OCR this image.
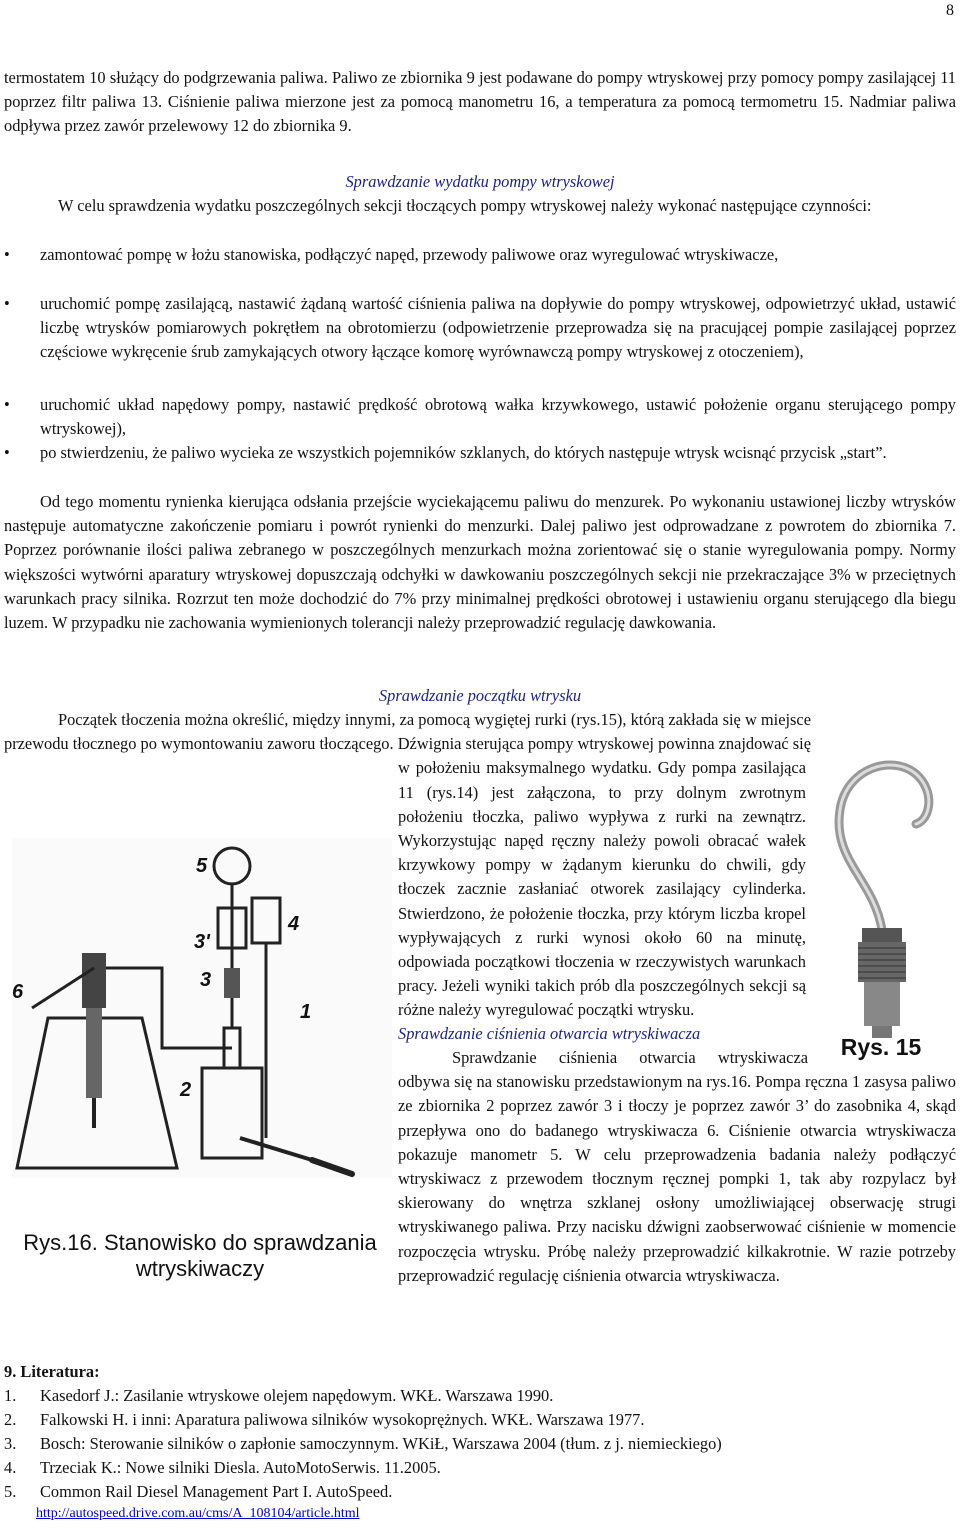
8
termostatem 10 służący do podgrzewania paliwa. Paliwo ze zbiornika 9 jest podawane do pompy wtryskowej przy pomocy pompy zasilającej 11 poprzez filtr paliwa 13. Ciśnienie paliwa mierzone jest za pomocą manometru 16, a temperatura za pomocą termometru 15. Nadmiar paliwa odpływa przez zawór przelewowy 12 do zbiornika 9.
Sprawdzanie wydatku pompy wtryskowej
W celu sprawdzenia wydatku poszczególnych sekcji tłoczących pompy wtryskowej należy wykonać następujące czynności:
• zamontować pompę w łożu stanowiska, podłączyć napęd, przewody paliwowe oraz wyregulować wtryskiwacze,
• uruchomić pompę zasilającą, nastawić żądaną wartość ciśnienia paliwa na dopływie do pompy wtryskowej, odpowietrzyć układ, ustawić liczbę wtrysków pomiarowych pokrętłem na obrotomierzu (odpowietrzenie przeprowadza się na pracującej pompie zasilającej poprzez częściowe wykręcenie śrub zamykających otwory łączące komorę wyrównawczą pompy wtryskowej z otoczeniem),
• uruchomić układ napędowy pompy, nastawić prędkość obrotową wałka krzywkowego, ustawić położenie organu sterującego pompy wtryskowej),
• po stwierdzeniu, że paliwo wycieka ze wszystkich pojemników szklanych, do których następuje wtrysk wcisnąć przycisk „start”.
Od tego momentu rynienka kierująca odsłania przejście wyciekającemu paliwu do menzurek. Po wykonaniu ustawionej liczby wtrysków następuje automatyczne zakończenie pomiaru i powrót rynienki do menzurki. Dalej paliwo jest odprowadzane z powrotem do zbiornika 7. Poprzez porównanie ilości paliwa zebranego w poszczególnych menzurkach można zorientować się o stanie wyregulowania pompy. Normy większości wytwórni aparatury wtryskowej dopuszczają odchyłki w dawkowaniu poszczególnych sekcji nie przekraczające 3% w przeciętnych warunkach pracy silnika. Rozrzut ten może dochodzić do 7% przy minimalnej prędkości obrotowej i ustawieniu organu sterującego dla biegu luzem. W przypadku nie zachowania wymienionych tolerancji należy przeprowadzić regulację dawkowania.
Sprawdzanie początku wtrysku
Początek tłoczenia można określić, między innymi, za pomocą wygiętej rurki (rys.15), którą zakłada się w miejsce przewodu tłocznego po wymontowaniu zaworu tłoczącego. Dźwignia sterująca pompy wtryskowej powinna znajdować się w położeniu maksymalnego wydatku. Gdy pompa zasilająca 11 (rys.14) jest załączona, to przy dolnym zwrotnym położeniu tłoczka, paliwo wypływa z rurki na zewnątrz. Wykorzystując napęd ręczny należy powoli obracać wałek krzywkowy pompy w żądanym kierunku do chwili, gdy tłoczek zacznie zasłaniać otworek zasilający cylinderka. Stwierdzono, że położenie tłoczka, przy którym liczba kropel wypływających z rurki wynosi około 60 na minutę, odpowiada początkowi tłoczenia w rzeczywistych warunkach pracy. Jeżeli wyniki takich prób dla poszczególnych sekcji są różne należy wyregulować początki wtrysku.
Sprawdzanie ciśnienia otwarcia wtryskiwacza
Sprawdzanie ciśnienia otwarcia wtryskiwacza odbywa się na stanowisku przedstawionym na rys.16. Pompa ręczna 1 zasysa paliwo ze zbiornika 2 poprzez zawór 3 i tłoczy je poprzez zawór 3’ do zasobnika 4, skąd przepływa ono do badanego wtryskiwacza 6. Ciśnienie otwarcia wtryskiwacza pokazuje manometr 5. W celu przeprowadzenia badania należy podłączyć wtryskiwacz z przewodem tłocznym ręcznej pompki 1, tak aby rozpylacz był skierowany do wnętrza szklanej osłony umożliwiającej obserwację strugi wtryskiwanego paliwa. Przy nacisku dźwigni zaobserwować ciśnienie w momencie rozpoczęcia wtrysku. Próbę należy przeprowadzić kilkakrotnie. W razie potrzeby przeprowadzić regulację ciśnienia otwarcia wtryskiwacza.
Rys. 15
6
5
3'
3
4
1
2
Rys.16. Stanowisko do sprawdzania
wtryskiwaczy
9. Literatura:
1. Kasedorf J.: Zasilanie wtryskowe olejem napędowym. WKŁ. Warszawa 1990.
2. Falkowski H. i inni: Aparatura paliwowa silników wysokoprężnych. WKŁ. Warszawa 1977.
3. Bosch: Sterowanie silników o zapłonie samoczynnym. WKiŁ, Warszawa 2004 (tłum. z j. niemieckiego)
4. Trzeciak K.: Nowe silniki Diesla. AutoMotoSerwis. 11.2005.
5. Common Rail Diesel Management Part I. AutoSpeed.
http://autospeed.drive.com.au/cms/A_108104/article.html
